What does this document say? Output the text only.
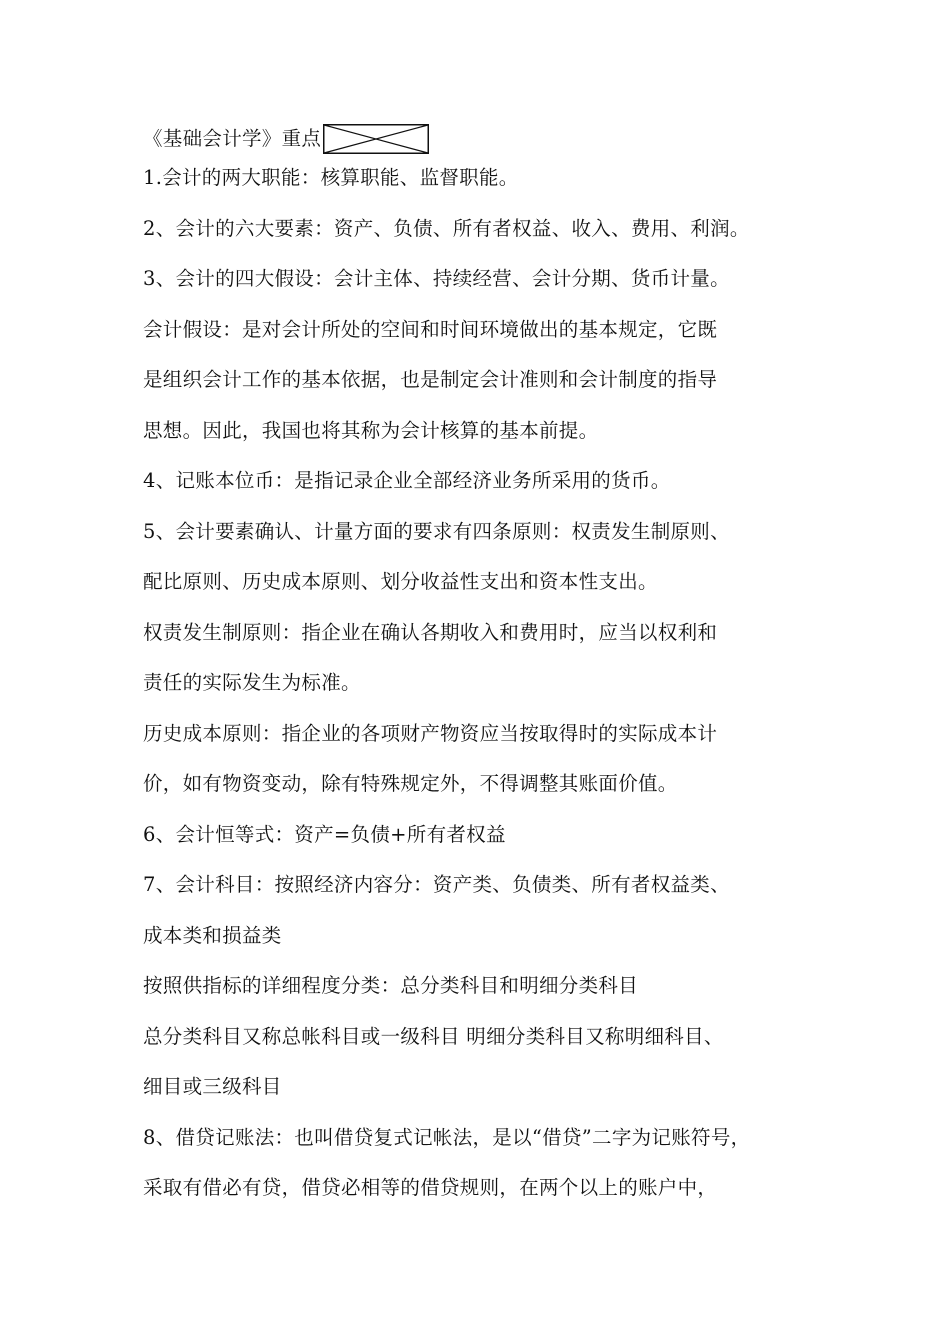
《基础会计学》重点
1.会计的两大职能：核算职能、监督职能。
2、会计的六大要素：资产、负债、所有者权益、收入、费用、利润。
3、会计的四大假设：会计主体、持续经营、会计分期、货币计量。
会计假设：是对会计所处的空间和时间环境做出的基本规定，它既
是组织会计工作的基本依据，也是制定会计准则和会计制度的指导
思想。因此，我国也将其称为会计核算的基本前提。
4、记账本位币：是指记录企业全部经济业务所采用的货币。
5、会计要素确认、计量方面的要求有四条原则：权责发生制原则、
配比原则、历史成本原则、划分收益性支出和资本性支出。
权责发生制原则：指企业在确认各期收入和费用时，应当以权利和
责任的实际发生为标准。
历史成本原则：指企业的各项财产物资应当按取得时的实际成本计
价，如有物资变动，除有特殊规定外，不得调整其账面价值。
6、会计恒等式：资产=负债+所有者权益
7、会计科目：按照经济内容分：资产类、负债类、所有者权益类、
成本类和损益类
按照供指标的详细程度分类：总分类科目和明细分类科目
总分类科目又称总帐科目或一级科目 明细分类科目又称明细科目、
细目或三级科目
8、借贷记账法：也叫借贷复式记帐法，是以“借贷”二字为记账符号，
采取有借必有贷，借贷必相等的借贷规则，在两个以上的账户中，
